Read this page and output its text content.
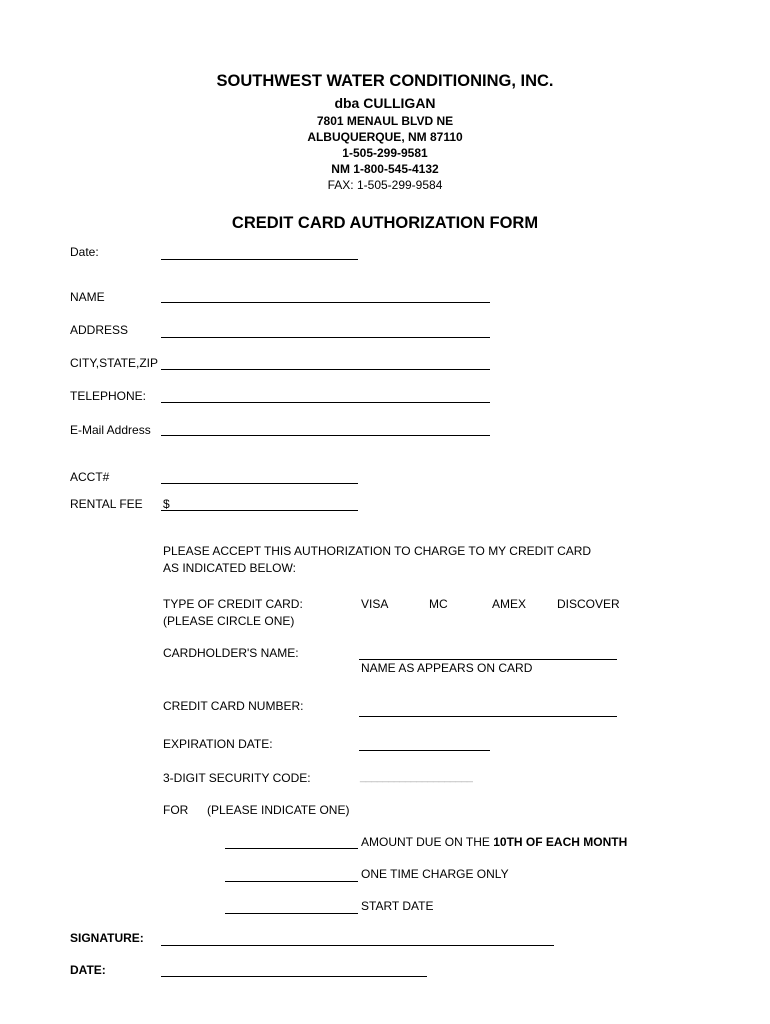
SOUTHWEST WATER CONDITIONING, INC.
dba CULLIGAN
7801 MENAUL BLVD NE
ALBUQUERQUE, NM 87110
1-505-299-9581
NM 1-800-545-4132
FAX: 1-505-299-9584
CREDIT CARD AUTHORIZATION FORM
Date:
NAME
ADDRESS
CITY,STATE,ZIP
TELEPHONE:
E-Mail Address
ACCT#
RENTAL FEE $
PLEASE ACCEPT THIS AUTHORIZATION TO CHARGE TO MY CREDIT CARD
AS INDICATED BELOW:
TYPE OF CREDIT CARD:
(PLEASE CIRCLE ONE)
VISA	MC	AMEX	DISCOVER
CARDHOLDER'S NAME:
NAME AS APPEARS ON CARD
CREDIT CARD NUMBER:
EXPIRATION DATE:
3-DIGIT SECURITY CODE:	____________________
FOR (PLEASE INDICATE ONE)
AMOUNT DUE ON THE 10TH OF EACH MONTH
ONE TIME CHARGE ONLY
START DATE
SIGNATURE:
DATE:
